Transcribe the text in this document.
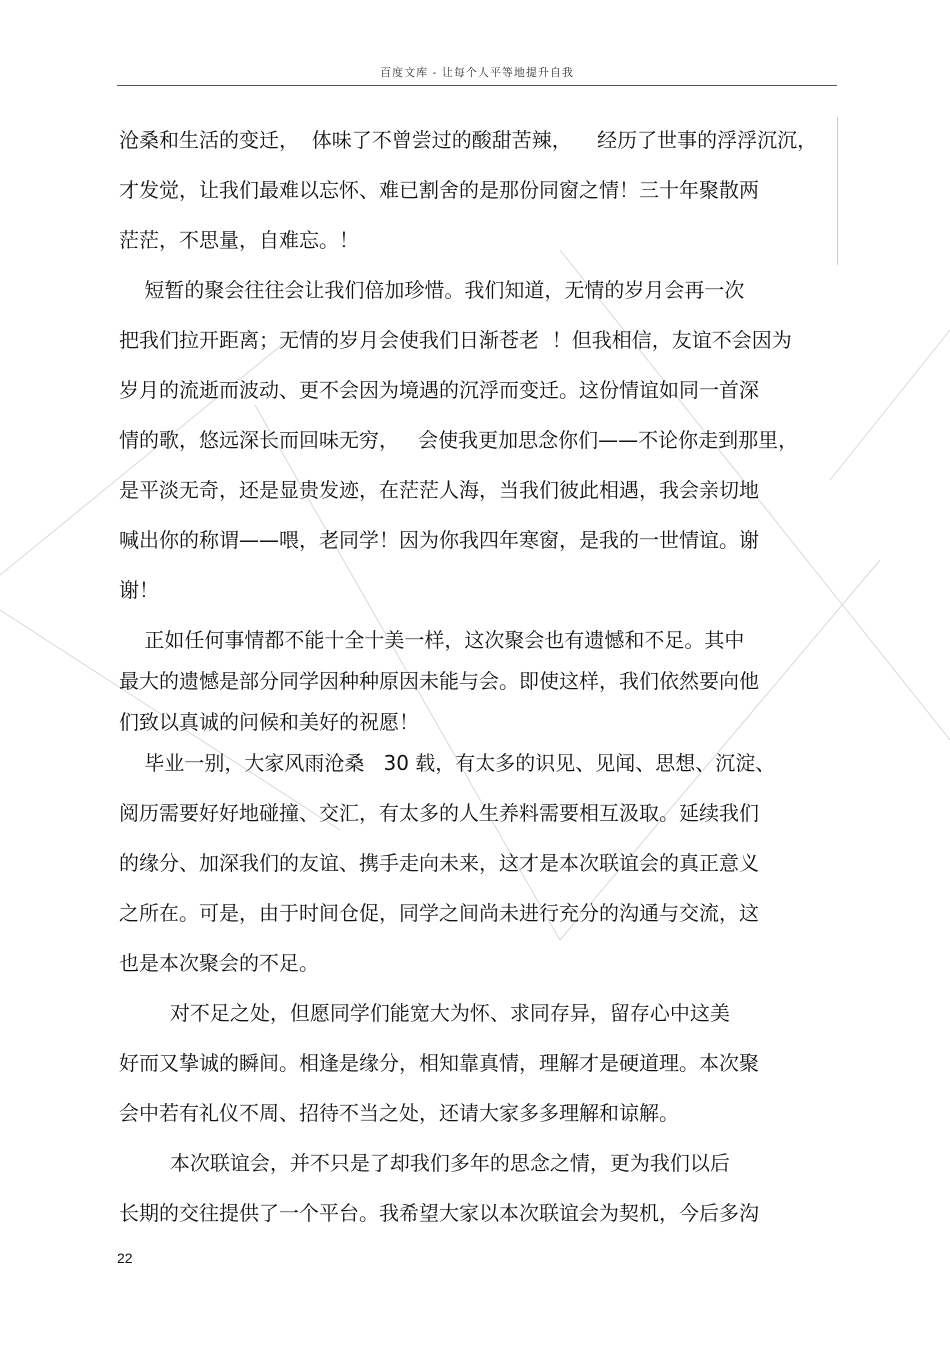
百度文库 - 让每个人平等地提升自我
沧桑和生活的变迁，  体味了不曾尝过的酸甜苦辣，    经历了世事的浮浮沉沉，
才发觉，让我们最难以忘怀、难已割舍的是那份同窗之情！三十年聚散两
茫茫，不思量，自难忘。！
短暂的聚会往往会让我们倍加珍惜。我们知道，无情的岁月会再一次
把我们拉开距离；无情的岁月会使我们日渐苍老  ！但我相信，友谊不会因为
岁月的流逝而波动、更不会因为境遇的沉浮而变迁。这份情谊如同一首深
情的歌，悠远深长而回味无穷，   会使我更加思念你们——不论你走到那里，
是平淡无奇，还是显贵发迹，在茫茫人海，当我们彼此相遇，我会亲切地
喊出你的称谓——喂，老同学！因为你我四年寒窗，是我的一世情谊。谢
谢！
正如任何事情都不能十全十美一样，这次聚会也有遗憾和不足。其中
最大的遗憾是部分同学因种种原因未能与会。即使这样，我们依然要向他
们致以真诚的问候和美好的祝愿！
毕业一别，大家风雨沧桑   30 载，有太多的识见、见闻、思想、沉淀、
阅历需要好好地碰撞、交汇，有太多的人生养料需要相互汲取。延续我们
的缘分、加深我们的友谊、携手走向未来，这才是本次联谊会的真正意义
之所在。可是，由于时间仓促，同学之间尚未进行充分的沟通与交流，这
也是本次聚会的不足。
对不足之处，但愿同学们能宽大为怀、求同存异，留存心中这美
好而又挚诚的瞬间。相逢是缘分，相知靠真情，理解才是硬道理。本次聚
会中若有礼仪不周、招待不当之处，还请大家多多理解和谅解。
本次联谊会，并不只是了却我们多年的思念之情，更为我们以后
长期的交往提供了一个平台。我希望大家以本次联谊会为契机，今后多沟
22
